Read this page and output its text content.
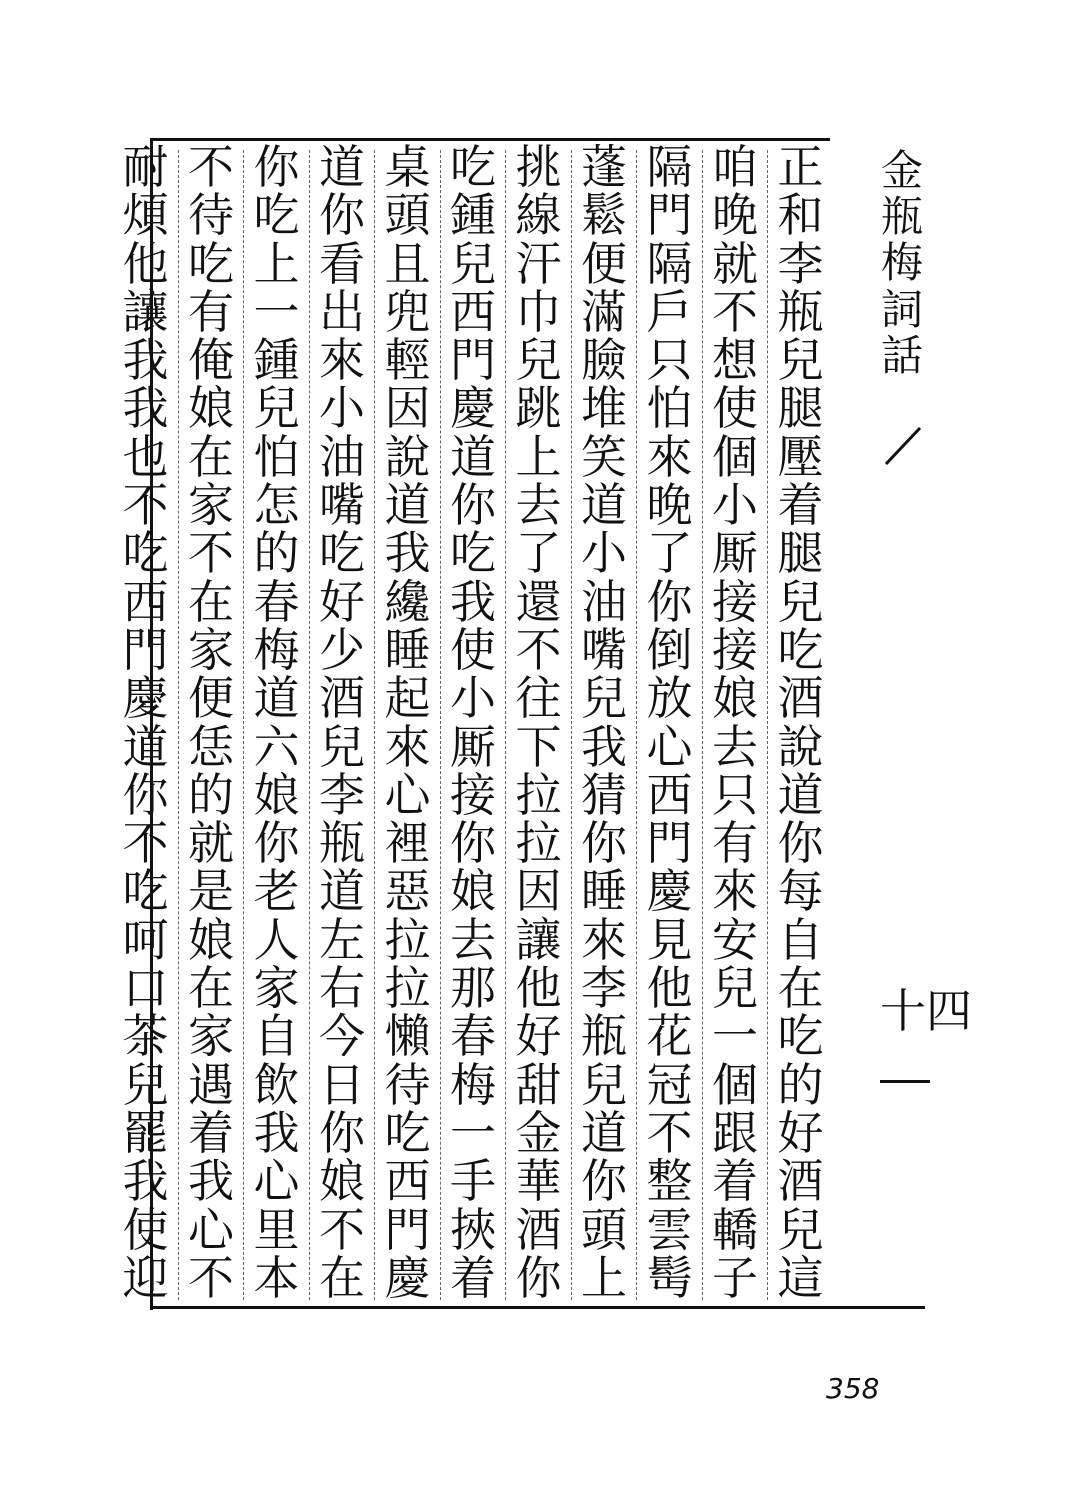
正
和
李
瓶
兒
腿
壓
着
腿
兒
吃
酒
說
道
你
每
自
在
吃
的
好
酒
兒
這
咱
晚
就
不
想
使
個
小
厮
接
接
娘
去
只
有
來
安
兒
一
個
跟
着
轎
子
隔
門
隔
戶
只
怕
來
晚
了
你
倒
放
心
西
門
慶
見
他
花
冠
不
整
雲
髩
蓬
鬆
便
滿
臉
堆
笑
道
小
油
嘴
兒
我
猜
你
睡
來
李
瓶
兒
道
你
頭
上
挑
線
汗
巾
兒
跳
上
去
了
還
不
往
下
拉
拉
因
讓
他
好
甜
金
華
酒
你
吃
鍾
兒
西
門
慶
道
你
吃
我
使
小
厮
接
你
娘
去
那
春
梅
一
手
挾
着
桌
頭
且
兜
輕
因
說
道
我
纔
睡
起
來
心
裡
惡
拉
拉
懶
待
吃
西
門
慶
道
你
看
出
來
小
油
嘴
吃
好
少
酒
兒
李
瓶
道
左
右
今
日
你
娘
不
在
你
吃
上
一
鍾
兒
怕
怎
的
春
梅
道
六
娘
你
老
人
家
自
飲
我
心
里
本
不
待
吃
有
俺
娘
在
家
不
在
家
便
恁
的
就
是
娘
在
家
遇
着
我
心
不
耐
煩
他
讓
我
我
也
不
吃
西
門
慶
道
你
不
吃
呵
口
茶
兒
罷
我
使
迎
金
瓶
梅
詞
話
十四
358
